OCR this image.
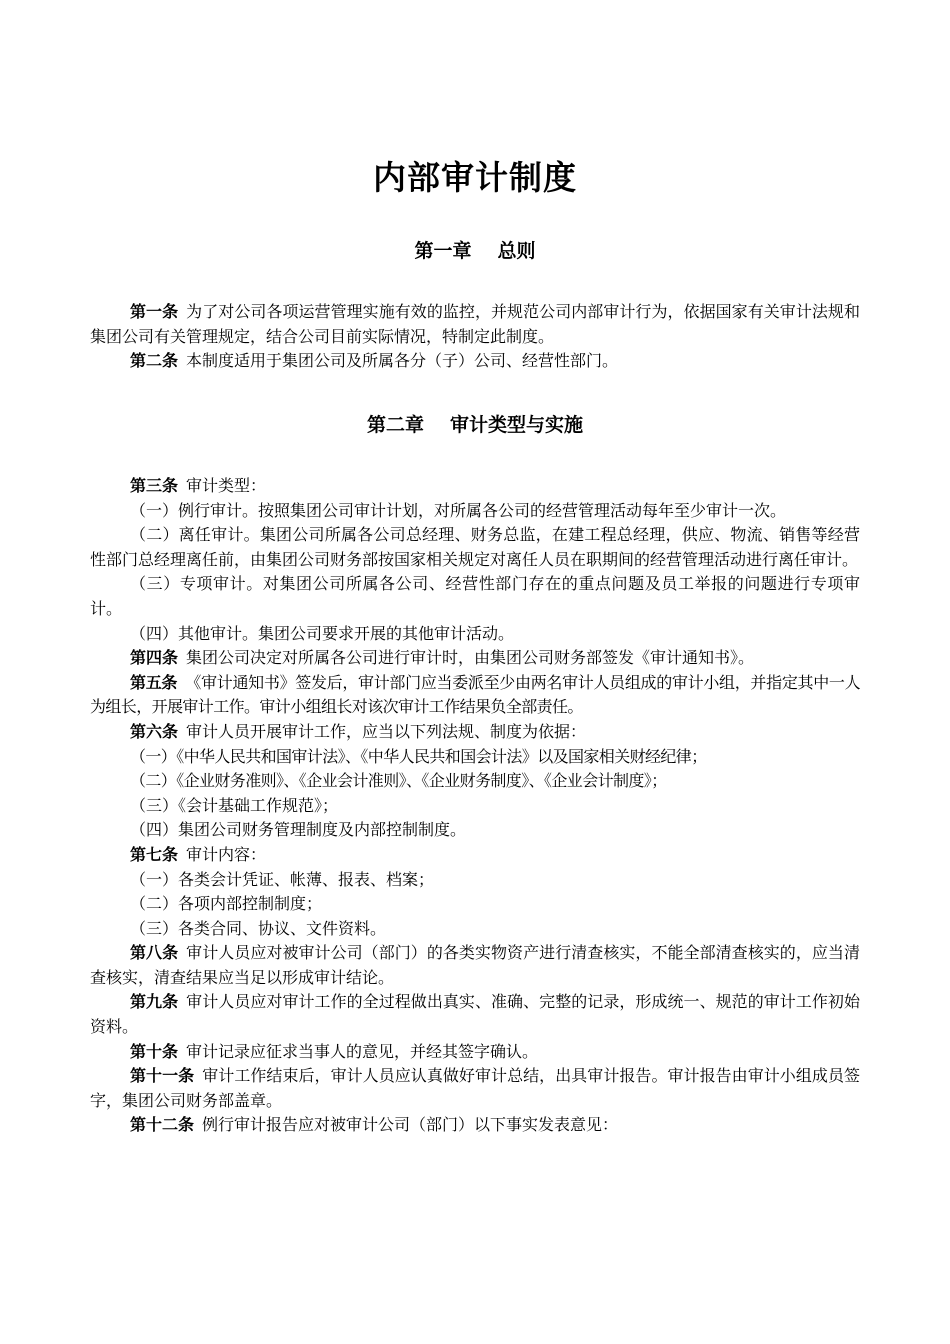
内部审计制度
第一章 总则

第一条 为了对公司各项运营管理实施有效的监控，并规范公司内部审计行为，依据国家有关审计法规和集团公司有关管理规定，结合公司目前实际情况，特制定此制度。

第二条 本制度适用于集团公司及所属各分（子）公司、经营性部门。

第二章 审计类型与实施

第三条 审计类型：

（一）例行审计。按照集团公司审计计划，对所属各公司的经营管理活动每年至少审计一次。

（二）离任审计。集团公司所属各公司总经理、财务总监，在建工程总经理，供应、物流、销售等经营性部门总经理离任前，由集团公司财务部按国家相关规定对离任人员在职期间的经营管理活动进行离任审计。

（三）专项审计。对集团公司所属各公司、经营性部门存在的重点问题及员工举报的问题进行专项审计。

（四）其他审计。集团公司要求开展的其他审计活动。

第四条 集团公司决定对所属各公司进行审计时，由集团公司财务部签发《审计通知书》。

第五条 《审计通知书》签发后，审计部门应当委派至少由两名审计人员组成的审计小组，并指定其中一人为组长，开展审计工作。审计小组组长对该次审计工作结果负全部责任。

第六条 审计人员开展审计工作，应当以下列法规、制度为依据：

（一）《中华人民共和国审计法》、《中华人民共和国会计法》以及国家相关财经纪律；

（二）《企业财务准则》、《企业会计准则》、《企业财务制度》、《企业会计制度》；

（三）《会计基础工作规范》；

（四）集团公司财务管理制度及内部控制制度。

第七条 审计内容：

（一）各类会计凭证、帐薄、报表、档案；

（二）各项内部控制制度；

（三）各类合同、协议、文件资料。

第八条 审计人员应对被审计公司（部门）的各类实物资产进行清查核实，不能全部清查核实的，应当清查核实，清查结果应当足以形成审计结论。

第九条 审计人员应对审计工作的全过程做出真实、准确、完整的记录，形成统一、规范的审计工作初始资料。

第十条 审计记录应征求当事人的意见，并经其签字确认。

第十一条 审计工作结束后，审计人员应认真做好审计总结，出具审计报告。审计报告由审计小组成员签字，集团公司财务部盖章。

第十二条 例行审计报告应对被审计公司（部门）以下事实发表意见：
